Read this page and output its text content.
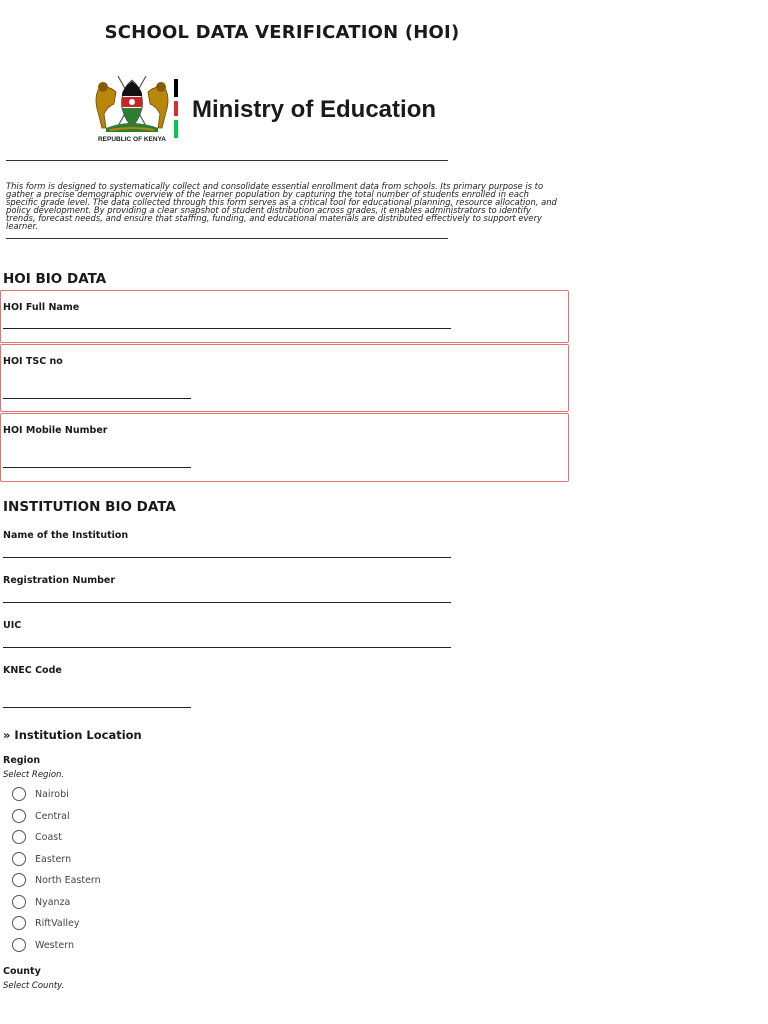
SCHOOL DATA VERIFICATION (HOI)
REPUBLIC OF KENYA
Ministry of Education
This form is designed to systematically collect and consolidate essential enrollment data from schools. Its primary purpose is to gather a precise demographic overview of the learner population by capturing the total number of students enrolled in each specific grade level. The data collected through this form serves as a critical tool for educational planning, resource allocation, and policy development. By providing a clear snapshot of student distribution across grades, it enables administrators to identify trends, forecast needs, and ensure that staffing, funding, and educational materials are distributed effectively to support every learner.
HOI BIO DATA
HOI Full Name
HOI TSC no
HOI Mobile Number
INSTITUTION BIO DATA
Name of the Institution
Registration Number
UIC
KNEC Code
» Institution Location
Region
Select Region.
Nairobi
Central
Coast
Eastern
North Eastern
Nyanza
RiftValley
Western
County
Select County.
